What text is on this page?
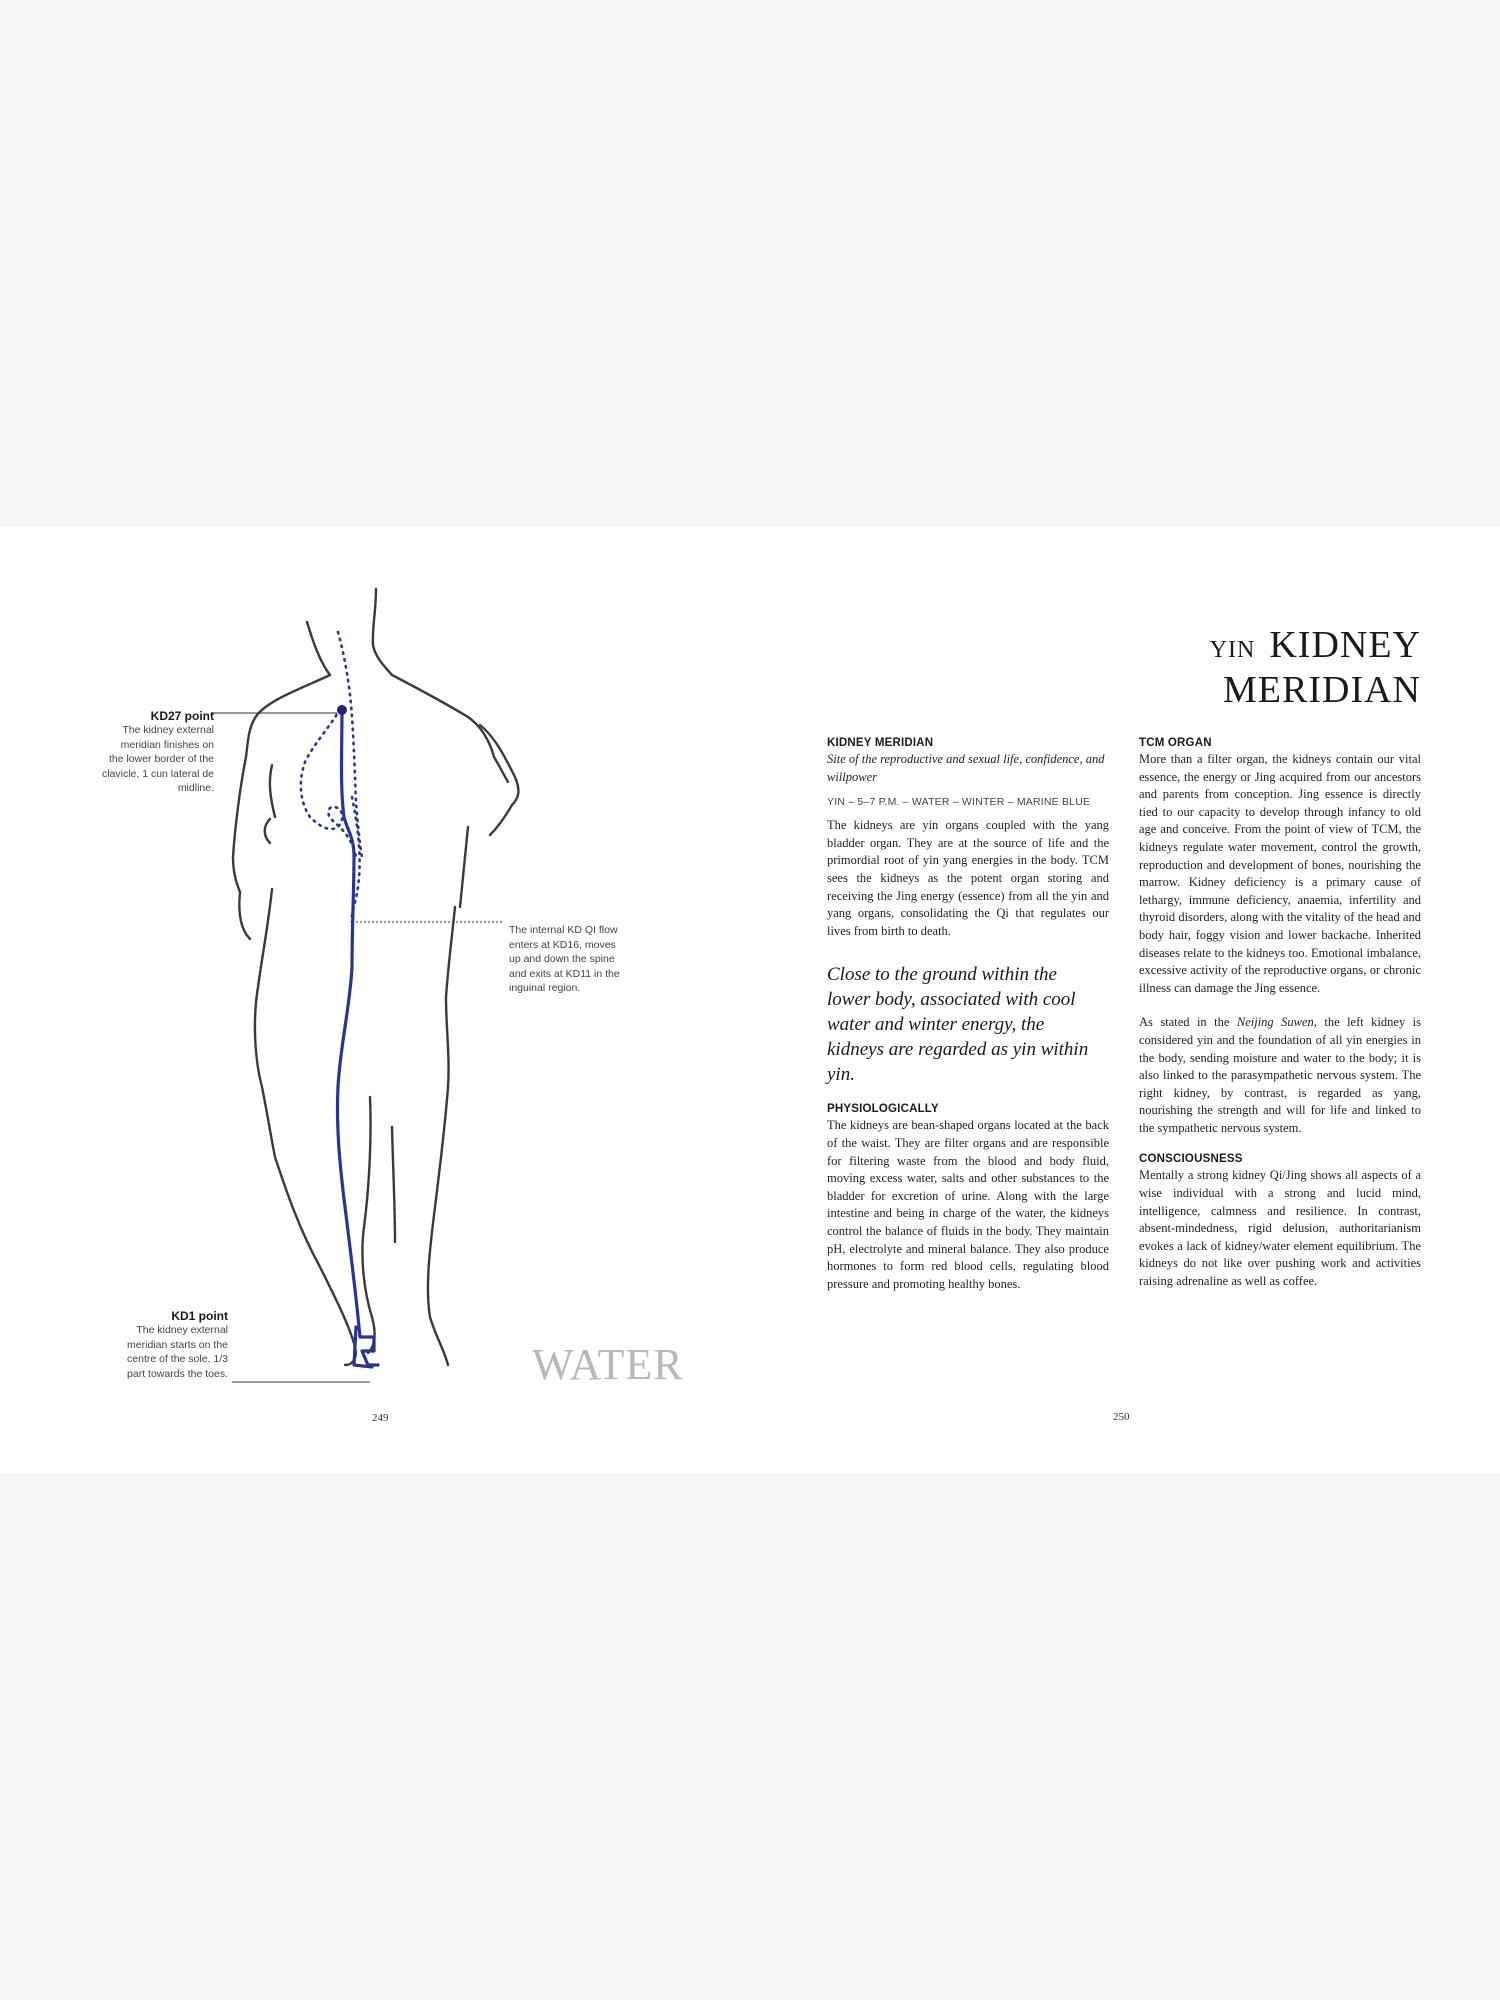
KD27 point
The kidney external
meridian finishes on
the lower border of the
clavicle, 1 cun lateral de
midline.
The internal KD QI flow
enters at KD16, moves
up and down the spine
and exits at KD11 in the
inguinal region.
KD1 point
The kidney external
meridian starts on the
centre of the sole, 1/3
part towards the toes.	WATER
249
YIN KIDNEY
MERIDIAN
KIDNEY MERIDIAN

Site of the reproductive and sexual life, confidence, and willpower

YIN – 5–7 P.M. – WATER – WINTER – MARINE BLUE

The kidneys are yin organs coupled with the yang bladder organ. They are at the source of life and the primordial root of yin yang energies in the body. TCM sees the kidneys as the potent organ storing and receiving the Jing energy (essence) from all the yin and yang organs, consolidating the Qi that regulates our lives from birth to death.

Close to the ground within the lower body, associated with cool water and winter energy, the kidneys are regarded as yin within yin.

PHYSIOLOGICALLY

The kidneys are bean-shaped organs located at the back of the waist. They are filter organs and are responsible for filtering waste from the blood and body fluid, moving excess water, salts and other substances to the bladder for excretion of urine. Along with the large intestine and being in charge of the water, the kidneys control the balance of fluids in the body. They maintain pH, electrolyte and mineral balance. They also produce hormones to form red blood cells, regulating blood pressure and promoting healthy bones.

TCM ORGAN

More than a filter organ, the kidneys contain our vital essence, the energy or Jing acquired from our ancestors and parents from conception. Jing essence is directly tied to our capacity to develop through infancy to old age and conceive. From the point of view of TCM, the kidneys regulate water movement, control the growth, reproduction and development of bones, nourishing the marrow. Kidney deficiency is a primary cause of lethargy, immune deficiency, anaemia, infertility and thyroid disorders, along with the vitality of the head and body hair, foggy vision and lower backache. Inherited diseases relate to the kidneys too. Emotional imbalance, excessive activity of the reproductive organs, or chronic illness can damage the Jing essence.

As stated in the Neijing Suwen, the left kidney is considered yin and the foundation of all yin energies in the body, sending moisture and water to the body; it is also linked to the parasympathetic nervous system. The right kidney, by contrast, is regarded as yang, nourishing the strength and will for life and linked to the sympathetic nervous system.

CONSCIOUSNESS

Mentally a strong kidney Qi/Jing shows all aspects of a wise individual with a strong and lucid mind, intelligence, calmness and resilience. In contrast, absent-mindedness, rigid delusion, authoritarianism evokes a lack of kidney/water element equilibrium. The kidneys do not like over pushing work and activities raising adrenaline as well as coffee.

250
